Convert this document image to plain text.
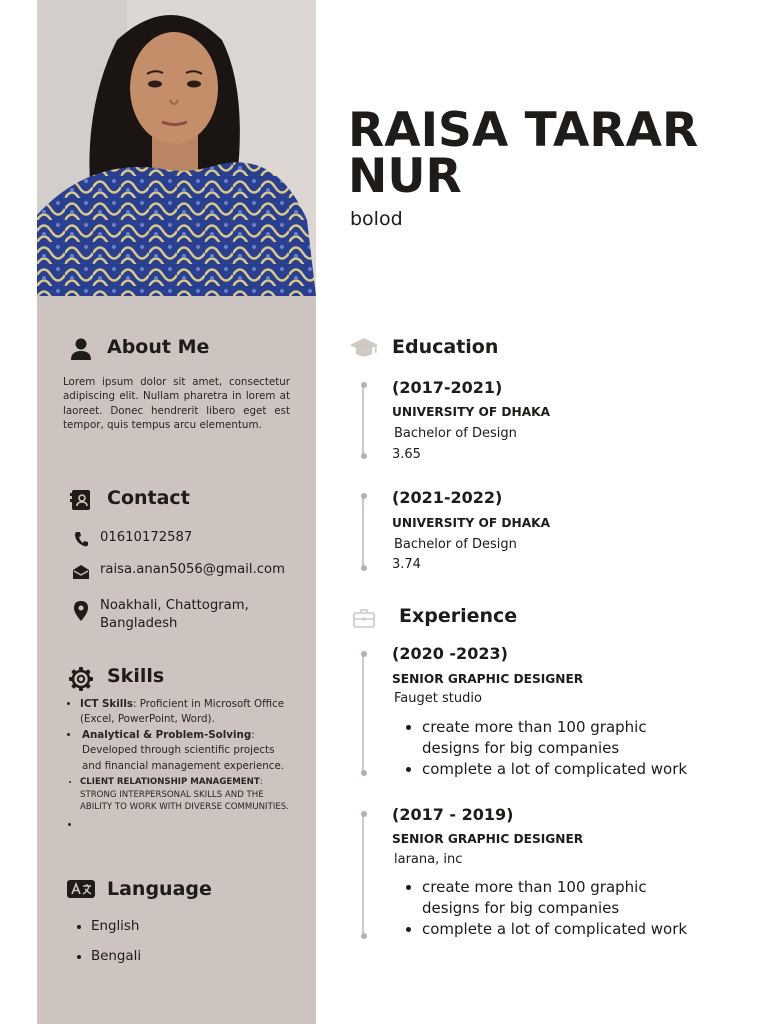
About Me
Lorem ipsum dolor sit amet, consectetur adipiscing elit. Nullam pharetra in lorem at laoreet. Donec hendrerit libero eget est tempor, quis tempus arcu elementum.
Contact
01610172587
raisa.anan5056@gmail.com
Noakhali, Chattogram,
Bangladesh
Skills
• ICT Skills: Proficient in Microsoft Office (Excel, PowerPoint, Word).
• Analytical & Problem-Solving: Developed through scientific projects and financial management experience.
• CLIENT RELATIONSHIP MANAGEMENT: STRONG INTERPERSONAL SKILLS AND THE ABILITY TO WORK WITH DIVERSE COMMUNITIES.
•
Language
• English
• Bengali
RAISA TARAR
NUR
bolod
Education
(2017-2021)
UNIVERSITY OF DHAKA
Bachelor of Design
3.65
(2021-2022)
UNIVERSITY OF DHAKA
Bachelor of Design
3.74
Experience
(2020 -2023)
SENIOR GRAPHIC DESIGNER
Fauget studio
• create more than 100 graphic designs for big companies
• complete a lot of complicated work
(2017 - 2019)
SENIOR GRAPHIC DESIGNER
larana, inc
• create more than 100 graphic designs for big companies
• complete a lot of complicated work
